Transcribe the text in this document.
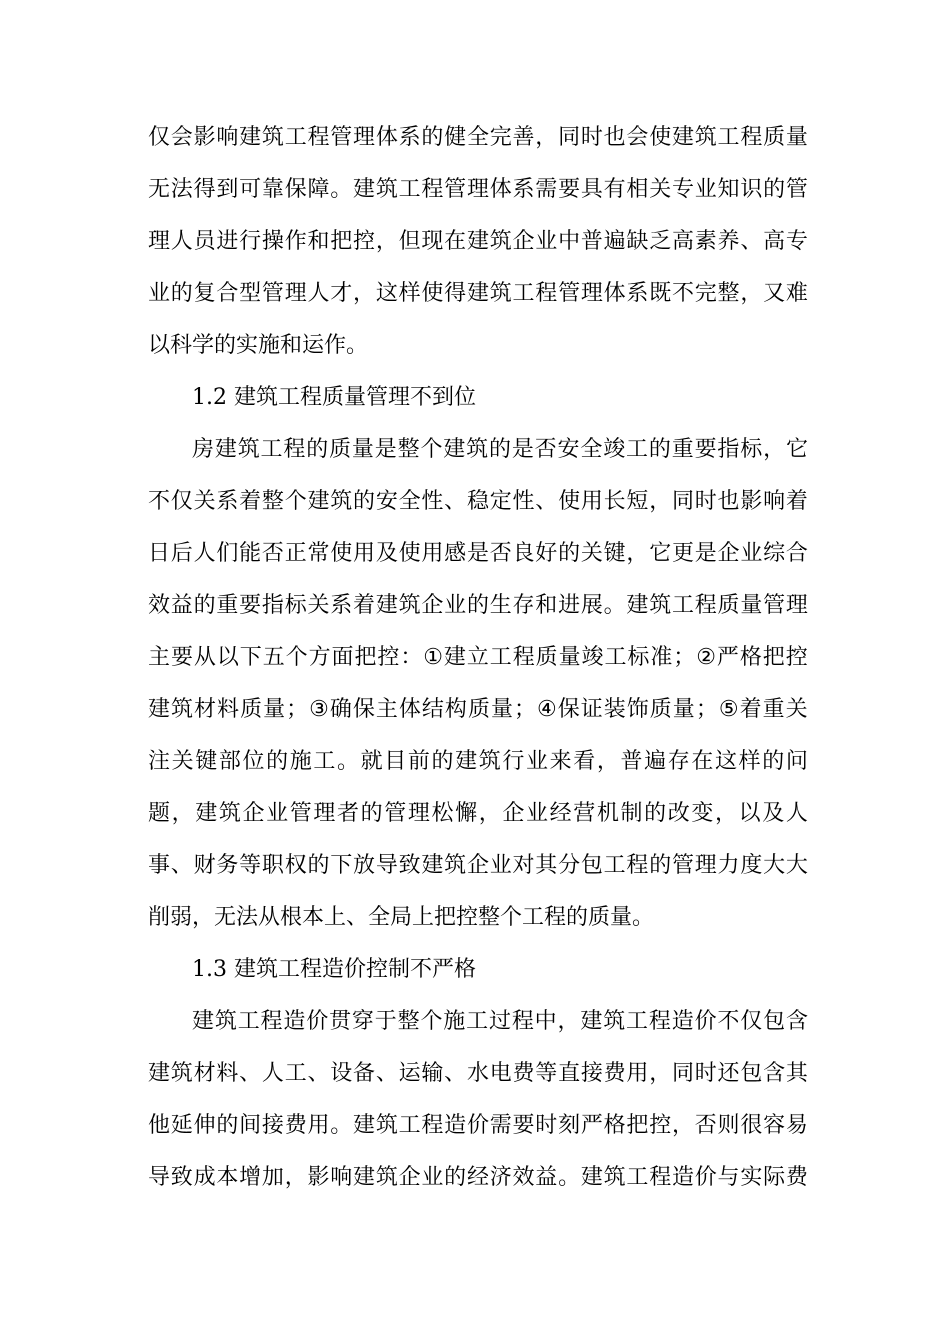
仅 会 影 响 建 筑 工 程 管 理 体 系 的 健 全 完 善 ， 同 时 也 会 使 建 筑 工 程 质 量
无 法 得 到 可 靠 保 障 。 建 筑 工 程 管 理 体 系 需 要 具 有 相 关 专 业 知 识 的 管
理 人 员 进 行 操 作 和 把 控 ， 但 现 在 建 筑 企 业 中 普 遍 缺 乏 高 素 养 、 高 专
业 的 复 合 型 管 理 人 才 ， 这 样 使 得 建 筑 工 程 管 理 体 系 既 不 完 整 ， 又 难
以科学的实施和运作。
1.2 建筑工程质量管理不到位
房 建 筑 工 程 的 质 量 是 整 个 建 筑 的 是 否 安 全 竣 工 的 重 要 指 标 ， 它
不 仅 关 系 着 整 个 建 筑 的 安 全 性 、 稳 定 性 、 使 用 长 短 ， 同 时 也 影 响 着
日 后 人 们 能 否 正 常 使 用 及 使 用 感 是 否 良 好 的 关 键 ， 它 更 是 企 业 综 合
效 益 的 重 要 指 标 关 系 着 建 筑 企 业 的 生 存 和 进 展 。 建 筑 工 程 质 量 管 理
主 要 从 以 下 五 个 方 面 把 控 ： ① 建 立 工 程 质 量 竣 工 标 准 ； ② 严 格 把 控
建 筑 材 料 质 量 ； ③ 确 保 主 体 结 构 质 量 ； ④ 保 证 装 饰 质 量 ； ⑤ 着 重 关
注 关 键 部 位 的 施 工 。 就 目 前 的 建 筑 行 业 来 看 ， 普 遍 存 在 这 样 的 问
题 ， 建 筑 企 业 管 理 者 的 管 理 松 懈 ， 企 业 经 营 机 制 的 改 变 ， 以 及 人
事 、 财 务 等 职 权 的 下 放 导 致 建 筑 企 业 对 其 分 包 工 程 的 管 理 力 度 大 大
削弱，无法从根本上、全局上把控整个工程的质量。
1.3 建筑工程造价控制不严格
建 筑 工 程 造 价 贯 穿 于 整 个 施 工 过 程 中 ， 建 筑 工 程 造 价 不 仅 包 含
建 筑 材 料 、 人 工 、 设 备 、 运 输 、 水 电 费 等 直 接 费 用 ， 同 时 还 包 含 其
他 延 伸 的 间 接 费 用 。 建 筑 工 程 造 价 需 要 时 刻 严 格 把 控 ， 否 则 很 容 易
导 致 成 本 增 加 ， 影 响 建 筑 企 业 的 经 济 效 益 。 建 筑 工 程 造 价 与 实 际 费
